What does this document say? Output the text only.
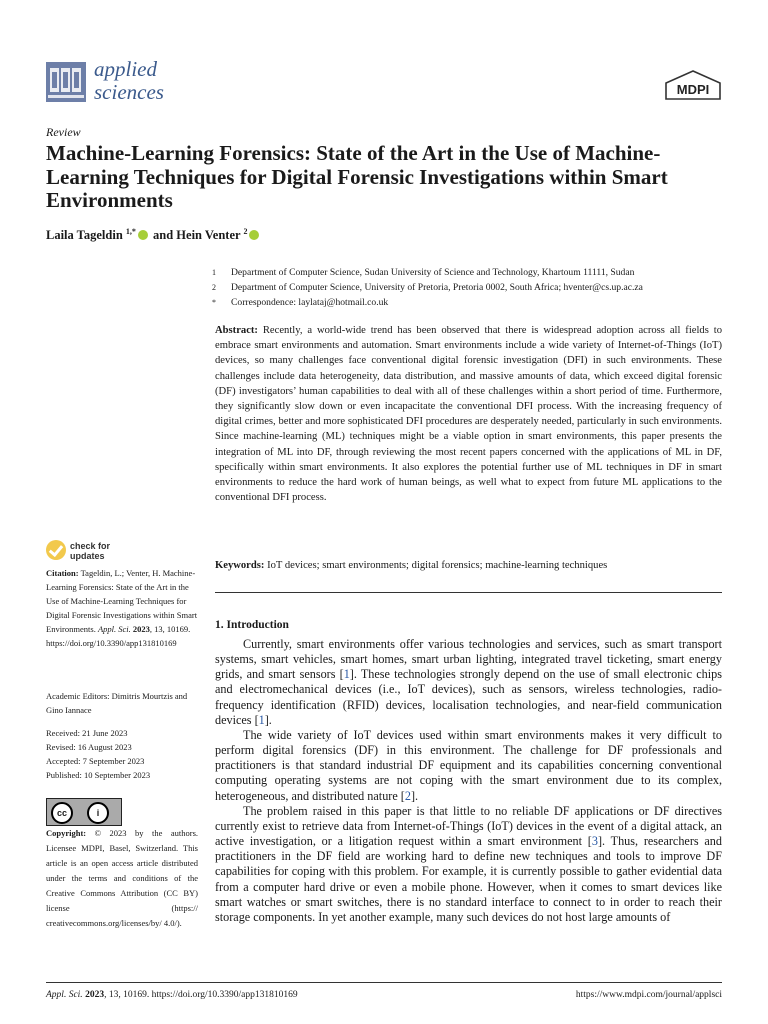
applied
sciences	MDPI
Review
Machine-Learning Forensics: State of the Art in the Use of Machine-Learning Techniques for Digital Forensic Investigations within Smart Environments
Laila Tageldin $^{1,*}$ and Hein Venter $^2$
1 Department of Computer Science, Sudan University of Science and Technology, Khartoum 11111, Sudan
2 Department of Computer Science, University of Pretoria, Pretoria 0002, South Africa; hventer@cs.up.ac.za
* Correspondence: laylataj@hotmail.co.uk
Abstract: Recently, a world-wide trend has been observed that there is widespread adoption across all fields to embrace smart environments and automation. Smart environments include a wide variety of Internet-of-Things (IoT) devices, so many challenges face conventional digital forensic investigation (DFI) in such environments. These challenges include data heterogeneity, data distribution, and massive amounts of data, which exceed digital forensic (DF) investigators’ human capabilities to deal with all of these challenges within a short period of time. Furthermore, they significantly slow down or even incapacitate the conventional DFI process. With the increasing frequency of digital crimes, better and more sophisticated DFI procedures are desperately needed, particularly in such environments. Since machine-learning (ML) techniques might be a viable option in smart environments, this paper presents the integration of ML into DF, through reviewing the most recent papers concerned with the applications of ML in DF, specifically within smart environments. It also explores the potential further use of ML techniques in DF in smart environments to reduce the hard work of human beings, as well what to expect from future ML applications to the conventional DFI process.
Keywords: IoT devices; smart environments; digital forensics; machine-learning techniques
check for
updates
Citation: Tageldin, L.; Venter, H. Machine-Learning Forensics: State of the Art in the Use of Machine-Learning Techniques for Digital Forensic Investigations within Smart Environments. Appl. Sci. 2023, 13, 10169. https://doi.org/10.3390/app131810169
Academic Editors: Dimitris Mourtzis and Gino Iannace
Received: 21 June 2023
Revised: 16 August 2023
Accepted: 7 September 2023
Published: 10 September 2023
cc	i
Copyright: © 2023 by the authors. Licensee MDPI, Basel, Switzerland. This article is an open access article distributed under the terms and conditions of the Creative Commons Attribution (CC BY) license (https:// creativecommons.org/licenses/by/ 4.0/).
1. Introduction

Currently, smart environments offer various technologies and services, such as smart transport systems, smart vehicles, smart homes, smart urban lighting, integrated travel ticketing, smart energy grids, and smart sensors [1]. These technologies strongly depend on the use of small electronic chips and electromechanical devices (i.e., IoT devices), such as sensors, wireless technologies, radio-frequency identification (RFID) devices, localisation technologies, and near-field communication devices [1].

The wide variety of IoT devices used within smart environments makes it very difficult to perform digital forensics (DF) in this environment. The challenge for DF professionals and practitioners is that standard industrial DF equipment and its capabilities concerning conventional computing operating systems are not coping with the smart environment due to its complex, heterogeneous, and distributed nature [2].

The problem raised in this paper is that little to no reliable DF applications or DF directives currently exist to retrieve data from Internet-of-Things (IoT) devices in the event of a digital attack, an active investigation, or a litigation request within a smart environment [3]. Thus, researchers and practitioners in the DF field are working hard to define new techniques and tools to improve DF capabilities for coping with this problem. For example, it is currently possible to gather evidential data from a computer hard drive or even a mobile phone. However, when it comes to smart devices like smart watches or smart switches, there is no standard interface to connect to in order to reach their storage components. In yet another example, many such devices do not host large amounts of

Appl. Sci. 2023, 13, 10169. https://doi.org/10.3390/app131810169	https://www.mdpi.com/journal/applsci
